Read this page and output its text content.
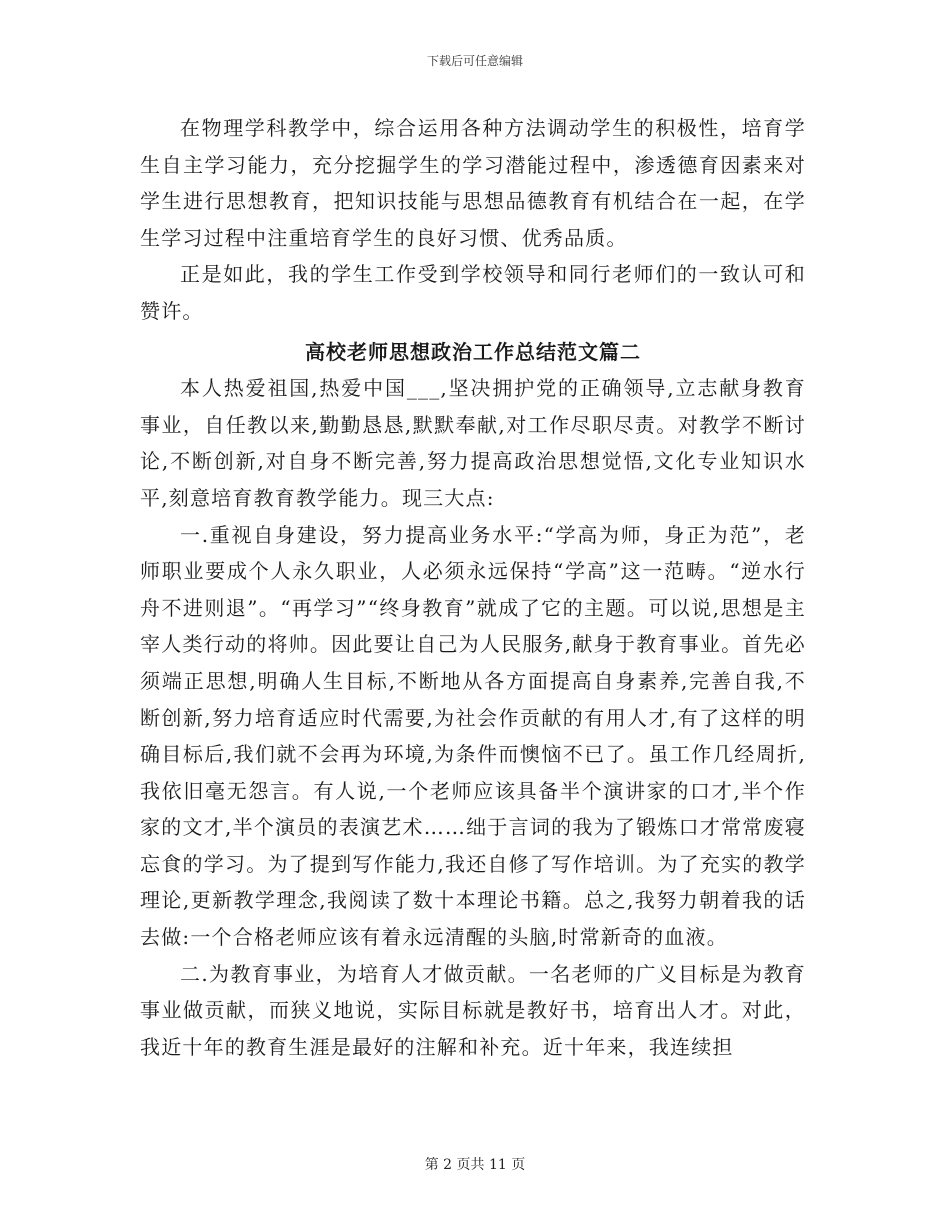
下载后可任意编辑

在物理学科教学中，综合运用各种方法调动学生的积极性，培育学生自主学习能力，充分挖掘学生的学习潜能过程中，渗透德育因素来对学生进行思想教育，把知识技能与思想品德教育有机结合在一起，在学生学习过程中注重培育学生的良好习惯、优秀品质。

正是如此，我的学生工作受到学校领导和同行老师们的一致认可和赞许。

高校老师思想政治工作总结范文篇二

本人热爱祖国,热爱中国___,坚决拥护党的正确领导,立志献身教育事业，自任教以来,勤勤恳恳,默默奉献,对工作尽职尽责。对教学不断讨论,不断创新,对自身不断完善,努力提高政治思想觉悟,文化专业知识水平,刻意培育教育教学能力。现三大点:

一.重视自身建设，努力提高业务水平:“学高为师，身正为范”，老师职业要成个人永久职业，人必须永远保持“学高”这一范畴。“逆水行舟不进则退”。“再学习”“终身教育”就成了它的主题。可以说,思想是主宰人类行动的将帅。因此要让自己为人民服务,献身于教育事业。首先必须端正思想,明确人生目标,不断地从各方面提高自身素养,完善自我,不断创新,努力培育适应时代需要,为社会作贡献的有用人才,有了这样的明确目标后,我们就不会再为环境,为条件而懊恼不已了。虽工作几经周折,我依旧毫无怨言。有人说,一个老师应该具备半个演讲家的口才,半个作家的文才,半个演员的表演艺术……绌于言词的我为了锻炼口才常常废寝忘食的学习。为了提到写作能力,我还自修了写作培训。为了充实的教学理论,更新教学理念,我阅读了数十本理论书籍。总之,我努力朝着我的话去做:一个合格老师应该有着永远清醒的头脑,时常新奇的血液。

二.为教育事业，为培育人才做贡献。一名老师的广义目标是为教育事业做贡献，而狭义地说，实际目标就是教好书，培育出人才。对此，我近十年的教育生涯是最好的注解和补充。近十年来，我连续担

第 2 页共 11 页
